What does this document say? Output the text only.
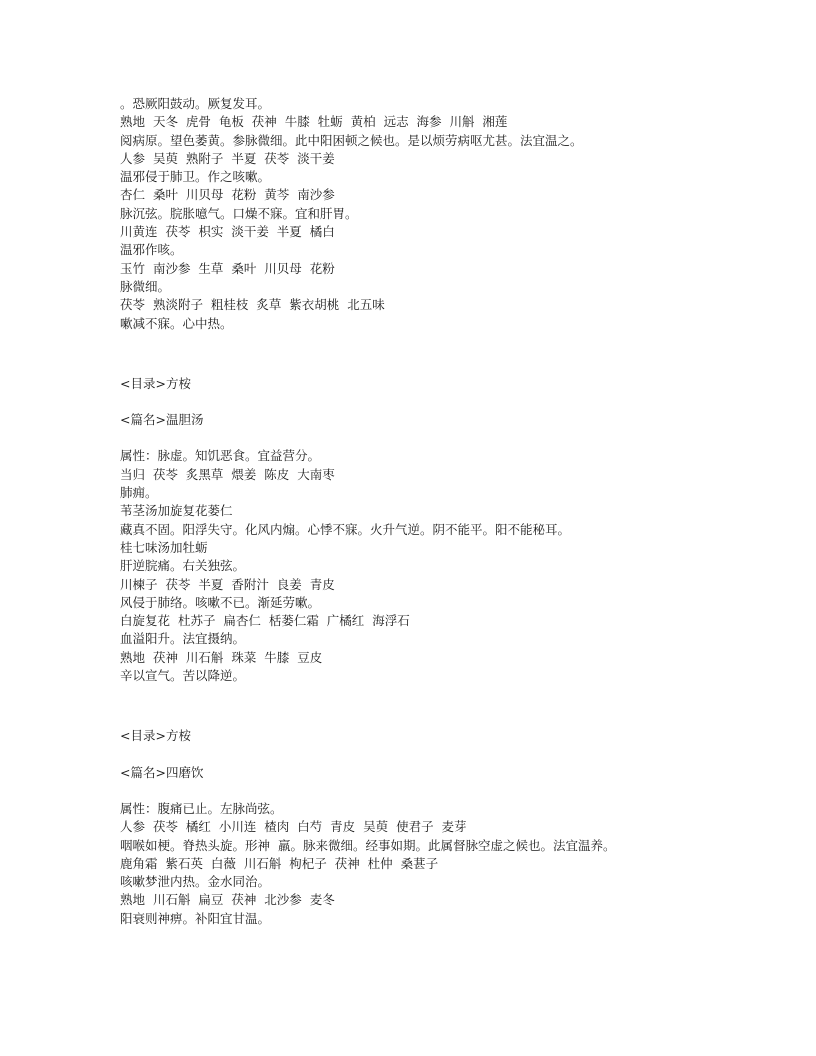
。恐厥阳鼓动。厥复发耳。
熟地  天冬  虎骨  龟板  茯神  牛膝  牡蛎  黄柏  远志  海参  川斛  湘莲
阅病原。望色萎黄。参脉微细。此中阳困顿之候也。是以烦劳病呕尤甚。法宜温之。
人参  吴萸  熟附子  半夏  茯苓  淡干姜
温邪侵于肺卫。作之咳嗽。
杏仁  桑叶  川贝母  花粉  黄芩  南沙参
脉沉弦。脘胀噫气。口燥不寐。宜和肝胃。
川黄连  茯苓  枳实  淡干姜  半夏  橘白
温邪作咳。
玉竹  南沙参  生草  桑叶  川贝母  花粉
脉微细。
茯苓  熟淡附子  粗桂枝  炙草  紫衣胡桃  北五味
嗽减不寐。心中热。
<目录>方桉
<篇名>温胆汤
属性：脉虚。知饥恶食。宜益营分。
当归  茯苓  炙黑草  煨姜  陈皮  大南枣
肺痈。
苇茎汤加旋复花蒌仁
藏真不固。阳浮失守。化风内煽。心悸不寐。火升气逆。阴不能平。阳不能秘耳。
桂七味汤加牡蛎
肝逆脘痛。右关独弦。
川楝子  茯苓  半夏  香附汁  良姜  青皮
风侵于肺络。咳嗽不已。渐延劳嗽。
白旋复花  杜苏子  扁杏仁  栝蒌仁霜  广橘红  海浮石
血溢阳升。法宜摄纳。
熟地  茯神  川石斛  珠菜  牛膝  豆皮
辛以宣气。苦以降逆。
<目录>方桉
<篇名>四磨饮
属性：腹痛已止。左脉尚弦。
人参  茯苓  橘红  小川连  楂肉  白芍  青皮  吴萸  使君子  麦芽
咽喉如梗。脊热头旋。形神  羸。脉来微细。经事如期。此属督脉空虚之候也。法宜温养。
鹿角霜  紫石英  白薇  川石斛  枸杞子  茯神  杜仲  桑葚子
咳嗽梦泄内热。金水同治。
熟地  川石斛  扁豆  茯神  北沙参  麦冬
阳衰则神痹。补阳宜甘温。
